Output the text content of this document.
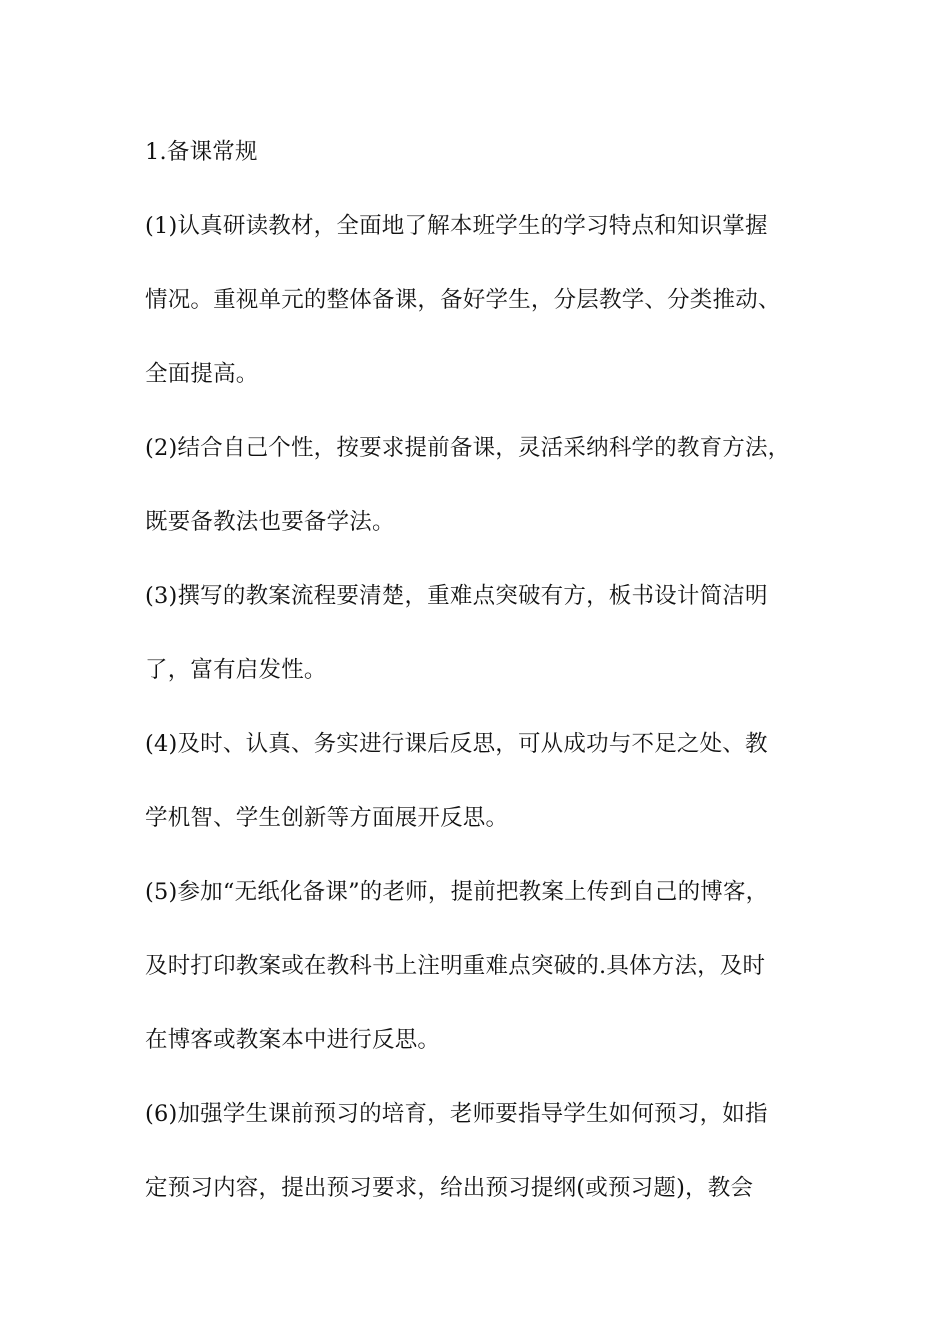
1.备课常规
(1)认真研读教材，全面地了解本班学生的学习特点和知识掌握
情况。重视单元的整体备课，备好学生，分层教学、分类推动、
全面提高。
(2)结合自己个性，按要求提前备课，灵活采纳科学的教育方法，
既要备教法也要备学法。
(3)撰写的教案流程要清楚，重难点突破有方，板书设计简洁明
了，富有启发性。
(4)及时、认真、务实进行课后反思，可从成功与不足之处、教
学机智、学生创新等方面展开反思。
(5)参加“无纸化备课”的老师，提前把教案上传到自己的博客，
及时打印教案或在教科书上注明重难点突破的.具体方法，及时
在博客或教案本中进行反思。
(6)加强学生课前预习的培育，老师要指导学生如何预习，如指
定预习内容，提出预习要求，给出预习提纲(或预习题)，教会
